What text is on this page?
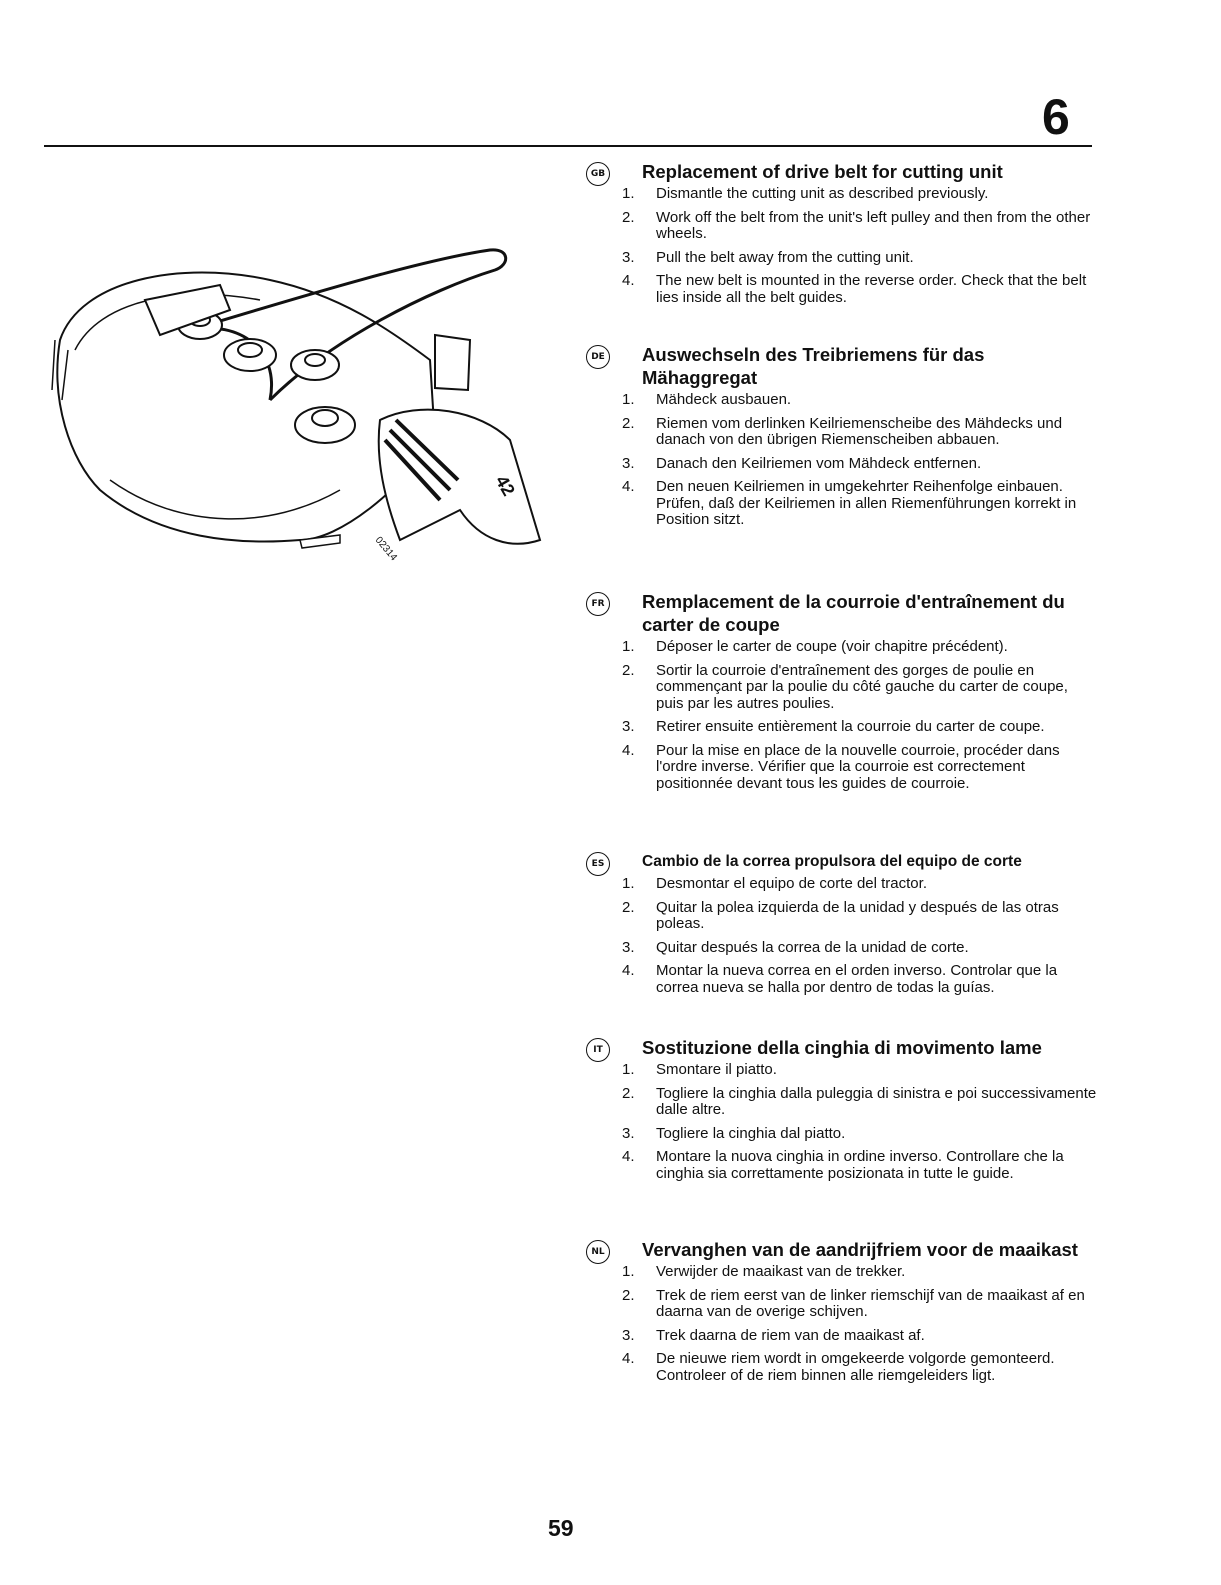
6
42
02314
GB Replacement of drive belt for cutting unit
1. Dismantle the cutting unit as described previously.
2. Work off the belt from the unit's left pulley and then from the other wheels.
3. Pull the belt away from the cutting unit.
4. The new belt is mounted in the reverse order. Check that the belt lies inside all the belt guides.
DE Auswechseln des Treibriemens für das Mähaggregat
1. Mähdeck ausbauen.
2. Riemen vom derlinken Keilriemenscheibe des Mähdecks und danach von den übrigen Riemenscheiben abbauen.
3. Danach den Keilriemen vom Mähdeck entfernen.
4. Den neuen Keilriemen in umgekehrter Reihenfolge einbauen. Prüfen, daß der Keilriemen in allen Riemenführungen korrekt in Position sitzt.
FR Remplacement de la courroie d'entraînement du carter de coupe
1. Déposer le carter de coupe (voir chapitre précédent).
2. Sortir la courroie d'entraînement des gorges de poulie en commençant par la poulie du côté gauche du carter de coupe, puis par les autres poulies.
3. Retirer ensuite entièrement la courroie du carter de coupe.
4. Pour la mise en place de la nouvelle courroie, procéder dans l'ordre inverse. Vérifier que la courroie est correctement positionnée devant tous les guides de courroie.
ES	Cambio de la correa propulsora del equipo de corte
1. Desmontar el equipo de corte del tractor.
2. Quitar la polea izquierda de la unidad y después de las otras poleas.
3. Quitar después la correa de la unidad de corte.
4. Montar la nueva correa en el orden inverso. Controlar que la correa nueva se halla por dentro de todas la guías.
IT	Sostituzione della cinghia di movimento lame
1. Smontare il piatto.
2. Togliere la cinghia dalla puleggia di sinistra e poi successivamente dalle altre.
3. Togliere la cinghia dal piatto.
4. Montare la nuova cinghia in ordine inverso. Controllare che la cinghia sia correttamente posizionata in tutte le guide.
NL Vervanghen van de aandrijfriem voor de maaikast
1. Verwijder de maaikast van de trekker.
2. Trek de riem eerst van de linker riemschijf van de maaikast af en daarna van de overige schijven.
3. Trek daarna de riem van de maaikast af.
4. De nieuwe riem wordt in omgekeerde volgorde gemonteerd. Controleer of de riem binnen alle riemgeleiders ligt.
59
